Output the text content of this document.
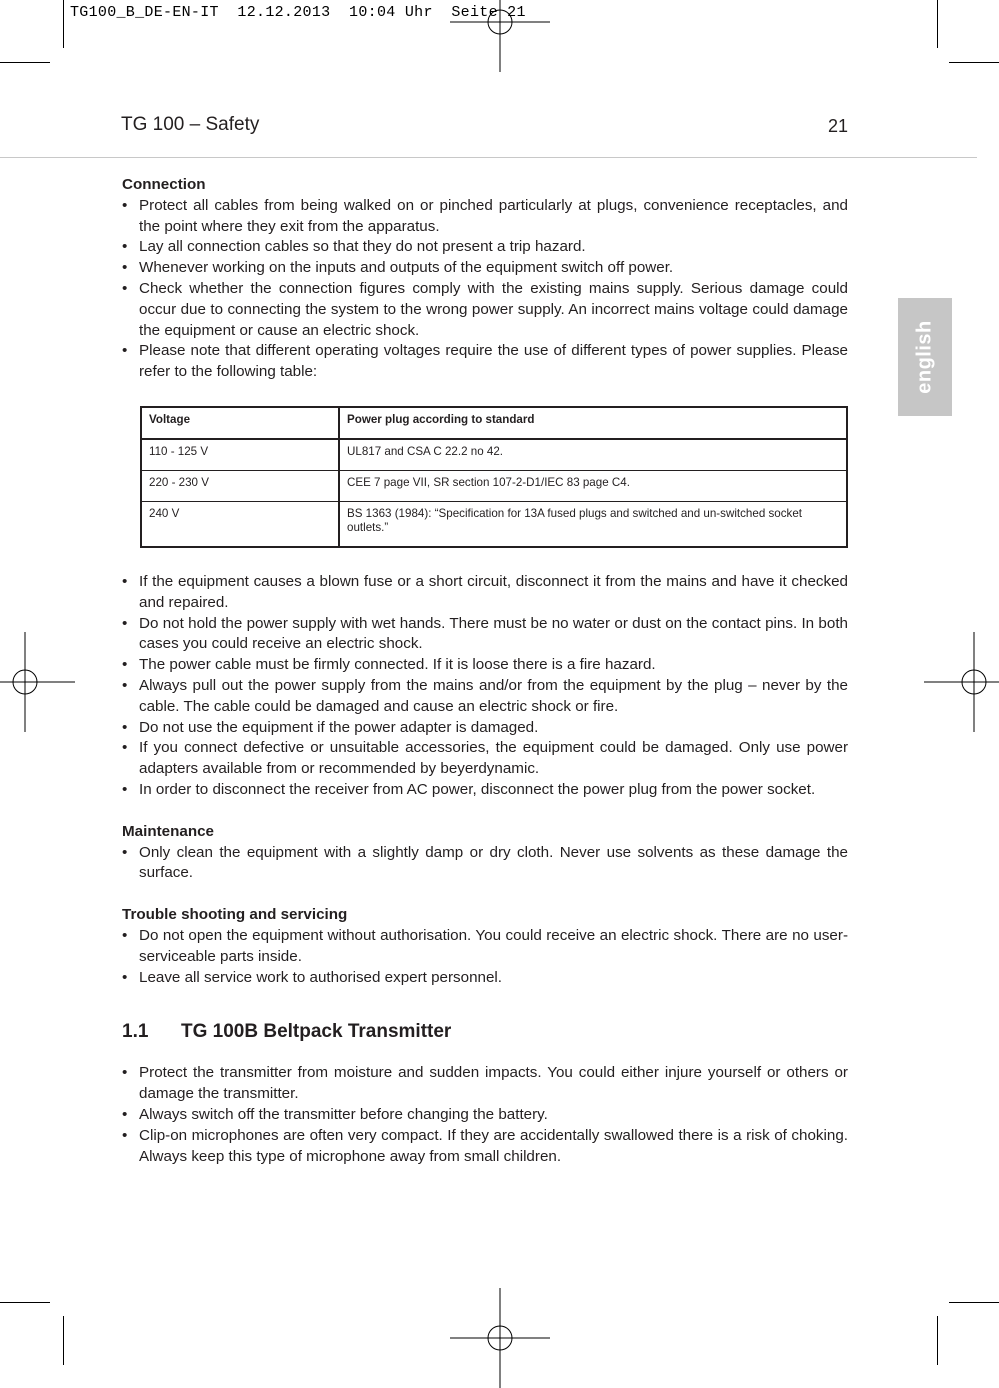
TG100_B_DE-EN-IT  12.12.2013  10:04 Uhr  Seite 21
TG 100 – Safety	21
english
Connection
• Protect all cables from being walked on or pinched particularly at plugs, convenience receptacles, and the point where they exit from the apparatus.
• Lay all connection cables so that they do not present a trip hazard.
• Whenever working on the inputs and outputs of the equipment switch off power.
• Check whether the connection figures comply with the existing mains supply. Serious damage could occur due to connecting the system to the wrong power supply. An incorrect mains voltage could damage the equipment or cause an electric shock.
• Please note that different operating voltages require the use of different types of power supplies. Please refer to the following table:
Voltage	Power plug according to standard
110 - 125 V	UL817 and CSA C 22.2 no 42.
220 - 230 V	CEE 7 page VII, SR section 107-2-D1/IEC 83 page C4.
240 V	BS 1363 (1984): “Specification for 13A fused plugs and switched and un-switched socket outlets.”
• If the equipment causes a blown fuse or a short circuit, disconnect it from the mains and have it checked and repaired.
• Do not hold the power supply with wet hands. There must be no water or dust on the contact pins. In both cases you could receive an electric shock.
• The power cable must be firmly connected. If it is loose there is a fire hazard.
• Always pull out the power supply from the mains and/or from the equipment by the plug – never by the cable. The cable could be damaged and cause an electric shock or fire.
• Do not use the equipment if the power adapter is damaged.
• If you connect defective or unsuitable accessories, the equipment could be damaged. Only use power adapters available from or recommended by beyerdynamic.
• In order to disconnect the receiver from AC power, disconnect the power plug from the power socket.
Maintenance
• Only clean the equipment with a slightly damp or dry cloth. Never use solvents as these damage the surface.
Trouble shooting and servicing
• Do not open the equipment without authorisation. You could receive an electric shock. There are no user-serviceable parts inside.
• Leave all service work to authorised expert personnel.
1.1 TG 100B Beltpack Transmitter
• Protect the transmitter from moisture and sudden impacts. You could either injure yourself or others or damage the transmitter.
• Always switch off the transmitter before changing the battery.
• Clip-on microphones are often very compact. If they are accidentally swallowed there is a risk of choking. Always keep this type of microphone away from small children.
